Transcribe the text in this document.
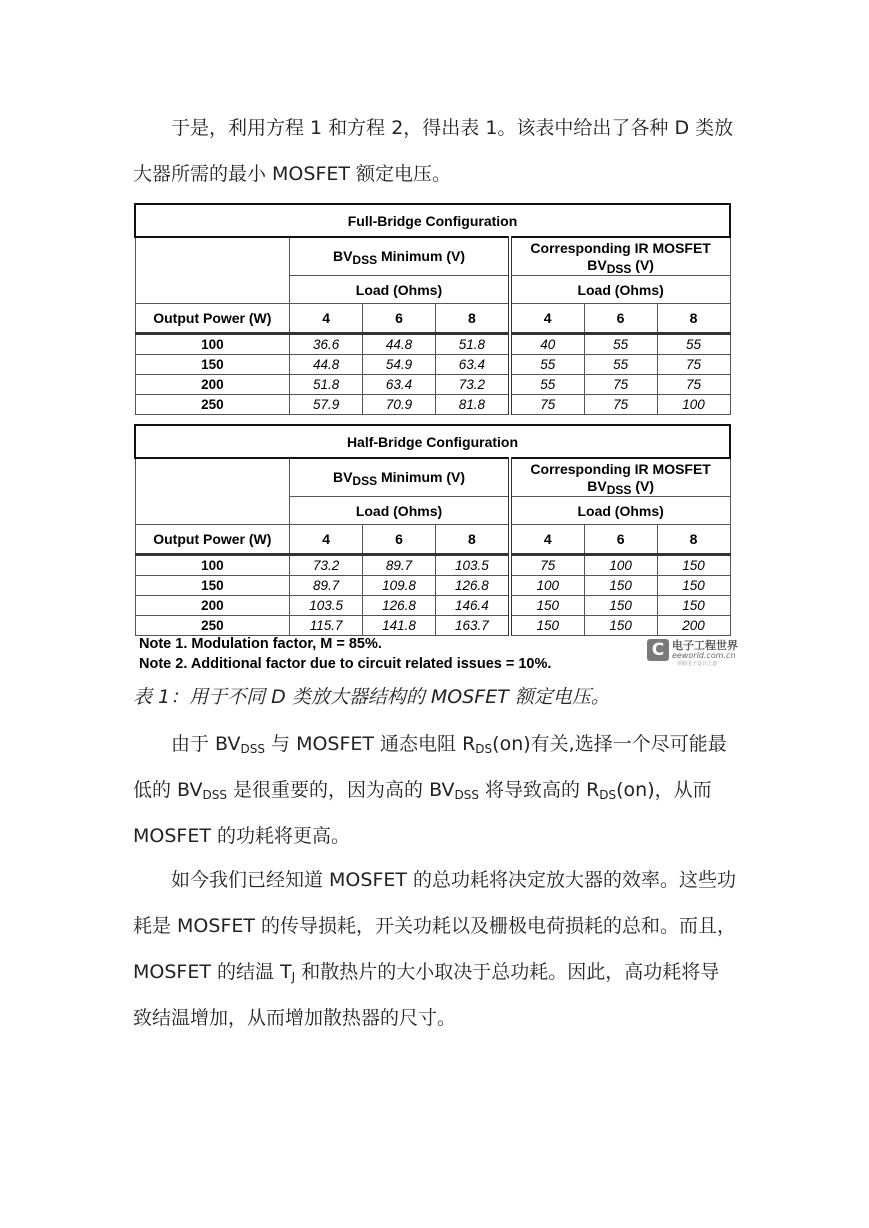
于是，利用方程 1 和方程 2，得出表 1。该表中给出了各种 D 类放大器所需的最小 MOSFET 额定电压。

Full-Bridge Configuration						
	$BV_{DSS}$ Minimum (V)			Corresponding IR MOSFET
$BV_{DSS}$ (V)		
	Load (Ohms)			Load (Ohms)		
Output Power (W)	4	6	8	4	6	8
100	36.6	44.8	51.8	40	55	55
150	44.8	54.9	63.4	55	55	75
200	51.8	63.4	73.2	55	75	75
250	57.9	70.9	81.8	75	75	100
Half-Bridge Configuration						
	$BV_{DSS}$ Minimum (V)			Corresponding IR MOSFET
$BV_{DSS}$ (V)		
	Load (Ohms)			Load (Ohms)		
Output Power (W)	4	6	8	4	6	8
100	73.2	89.7	103.5	75	100	150
150	89.7	109.8	126.8	100	150	150
200	103.5	126.8	146.4	150	150	150
250	115.7	141.8	163.7	150	150	200
Note 1. Modulation factor, M = 85%.
Note 2. Additional factor due to circuit related issues = 10%.
C 电子工程世界
eeworld.com.cn
领航电子设计之道
表 1：用于不同 D 类放大器结构的 MOSFET 额定电压。

由于 $BV_{DSS}$ 与 MOSFET 通态电阻 $R_{DS}(on)$有关,选择一个尽可能最低的 $BV_{DSS}$ 是很重要的，因为高的 $BV_{DSS}$ 将导致高的 $R_{DS}(on)$，从而 MOSFET 的功耗将更高。

如今我们已经知道 MOSFET 的总功耗将决定放大器的效率。这些功耗是 MOSFET 的传导损耗，开关功耗以及栅极电荷损耗的总和。而且，MOSFET 的结温 $T_J$ 和散热片的大小取决于总功耗。因此，高功耗将导致结温增加，从而增加散热器的尺寸。
